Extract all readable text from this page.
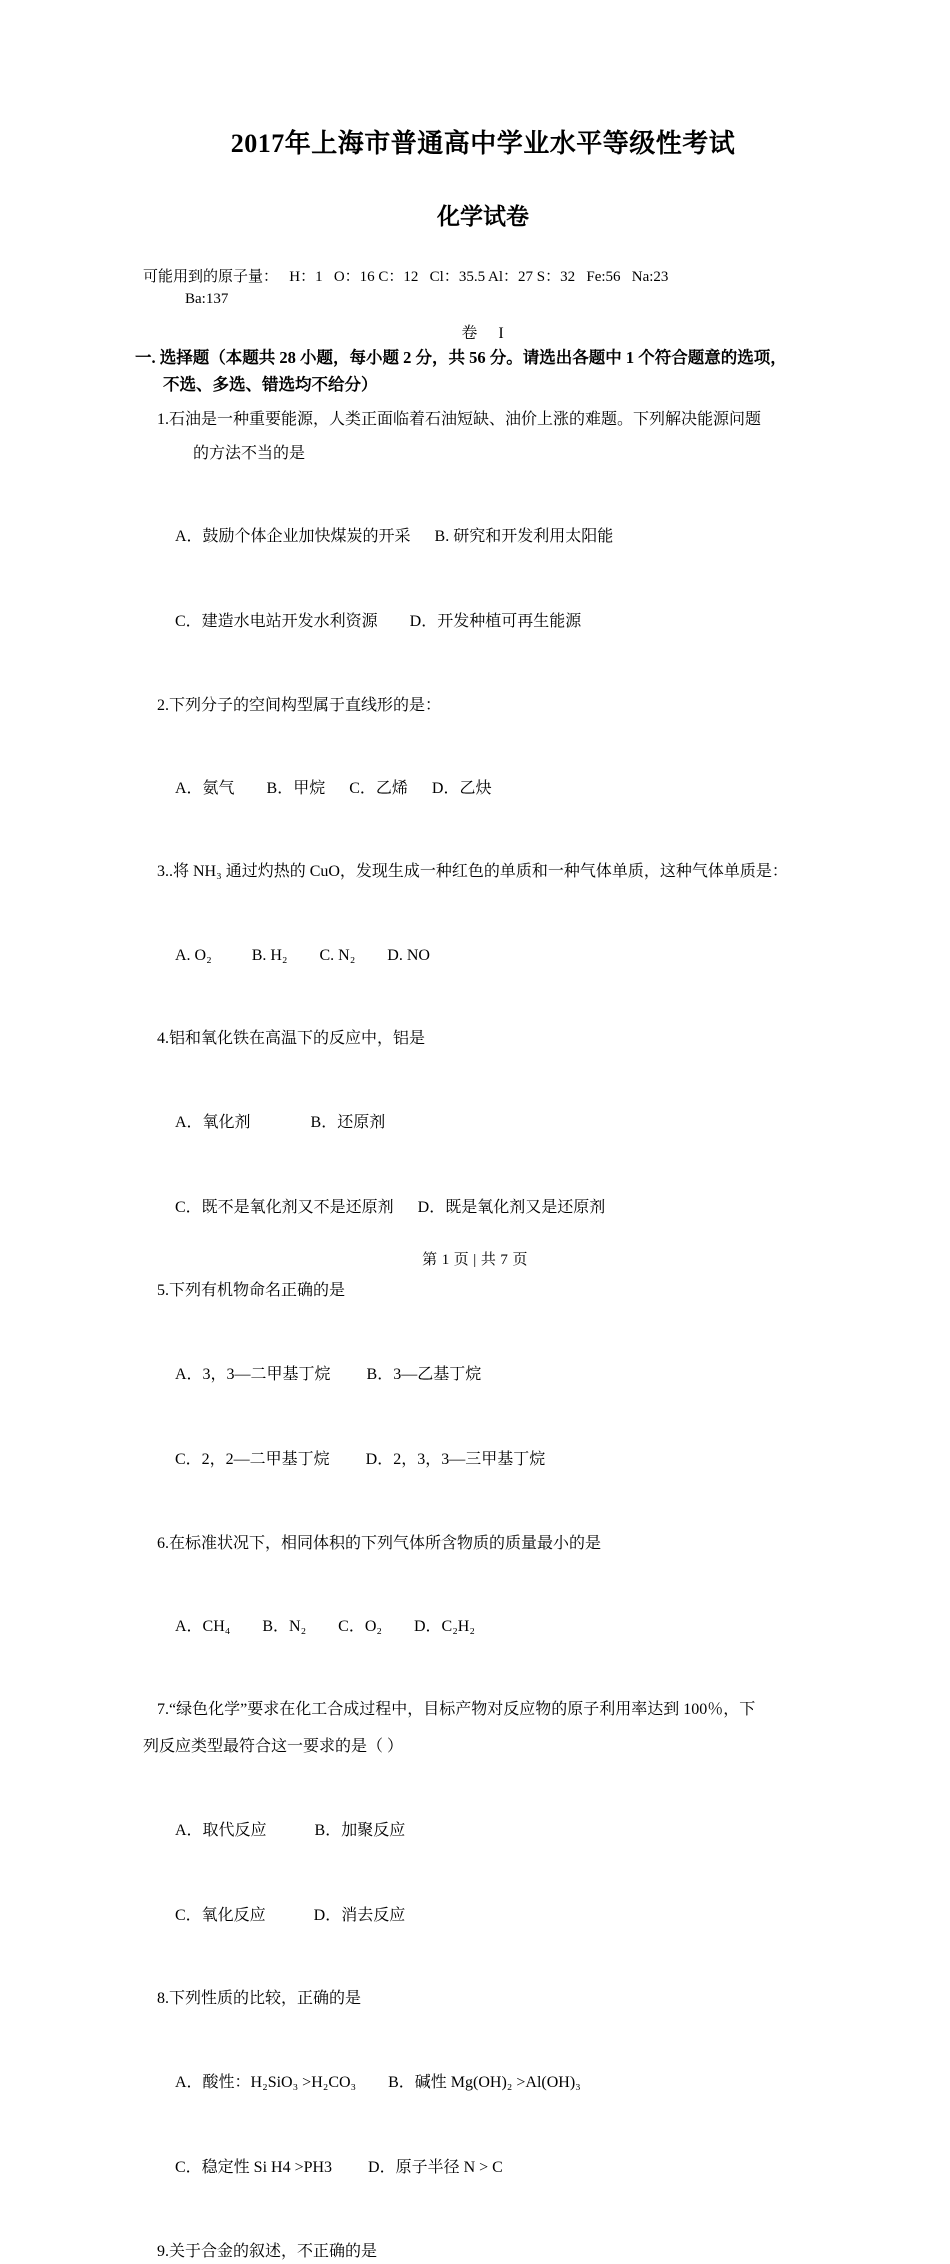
2017年上海市普通高中学业水平等级性考试
化学试卷
可能用到的原子量：   H：1   O：16 C：12   Cl：35.5 Al：27 S：32   Fe:56   Na:23
Ba:137
卷    I
一. 选择题（本题共 28 小题，每小题 2 分，共 56 分。请选出各题中 1 个符合题意的选项，
不选、多选、错选均不给分）
1.石油是一种重要能源，人类正面临着石油短缺、油价上涨的难题。下列解决能源问题
的方法不当的是

A．鼓励个体企业加快煤炭的开采      B. 研究和开发利用太阳能

C．建造水电站开发水利资源        D．开发种植可再生能源

2.下列分子的空间构型属于直线形的是：

A．氨气        B．甲烷      C．乙烯      D．乙炔

3..将 NH₃ 通过灼热的 CuO，发现生成一种红色的单质和一种气体单质，这种气体单质是：

A. O₂          B. H₂        C. N₂        D. NO

4.铝和氧化铁在高温下的反应中，铝是

A．氧化剂               B．还原剂

C．既不是氧化剂又不是还原剂      D．既是氧化剂又是还原剂

5.下列有机物命名正确的是

A．3，3—二甲基丁烷         B．3—乙基丁烷

C．2，2—二甲基丁烷         D．2，3，3—三甲基丁烷

6.在标准状况下，相同体积的下列气体所含物质的质量最小的是

A．CH₄        B．N₂        C．O₂        D．C₂H₂

7.“绿色化学”要求在化工合成过程中，目标产物对反应物的原子利用率达到 100％，下
列反应类型最符合这一要求的是（ ）

A．取代反应            B．加聚反应

C．氧化反应            D．消去反应

8.下列性质的比较，正确的是

A．酸性：H₂SiO₃ >H₂CO₃        B．碱性 Mg(OH)₂ >Al(OH)₃

C．稳定性 Si H4 >PH3         D．原子半径 N > C

9.关于合金的叙述，不正确的是
第 1 页 | 共 7 页
